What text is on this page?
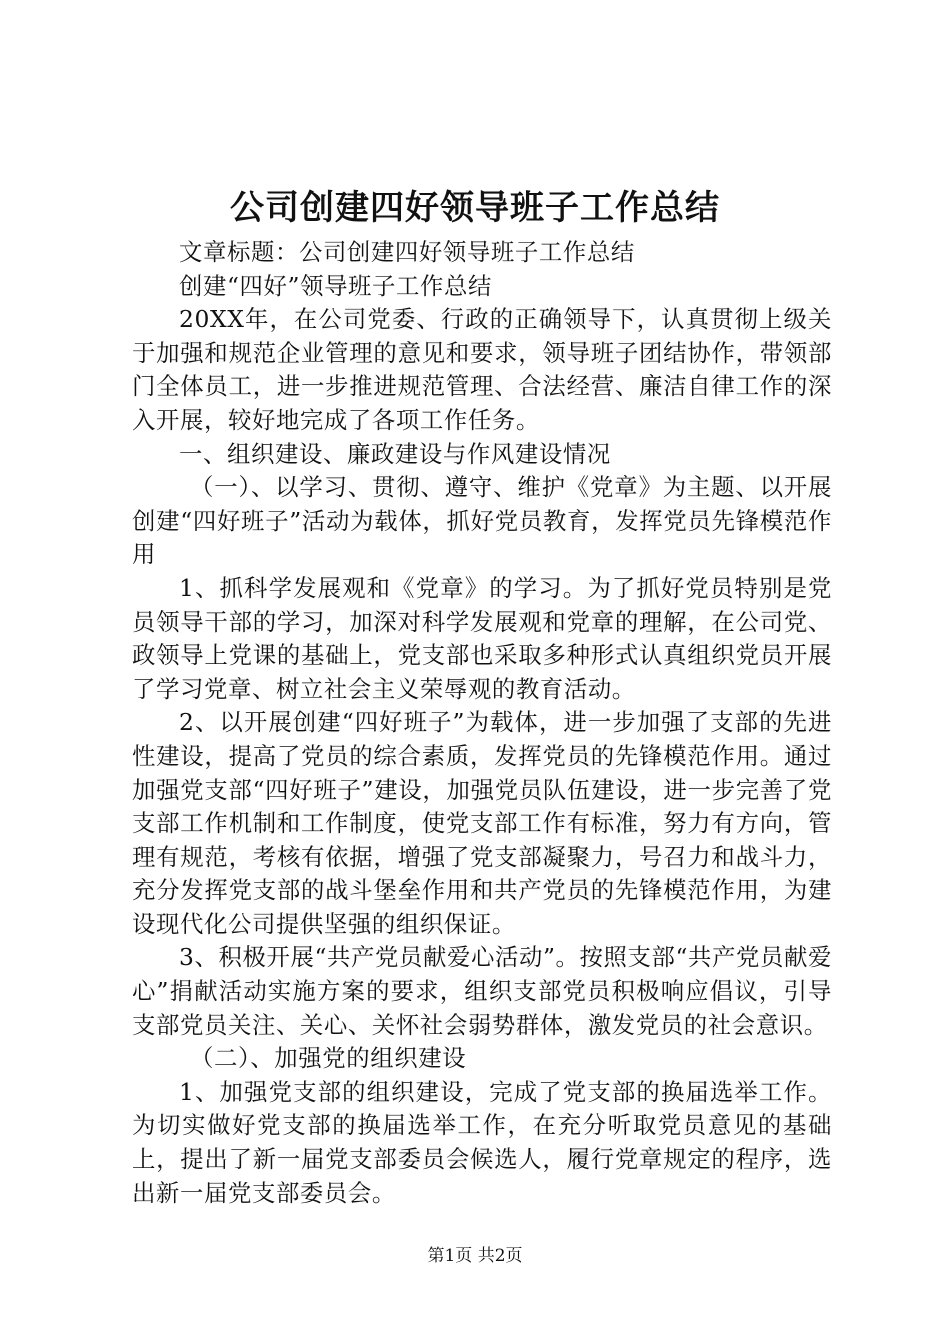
公司创建四好领导班子工作总结

文章标题：公司创建四好领导班子工作总结

创建“四好”领导班子工作总结

20XX年，在公司党委、行政的正确领导下，认真贯彻上级关于加强和规范企业管理的意见和要求，领导班子团结协作，带领部门全体员工，进一步推进规范管理、合法经营、廉洁自律工作的深入开展，较好地完成了各项工作任务。

一、组织建设、廉政建设与作风建设情况

（一）、以学习、贯彻、遵守、维护《党章》为主题、以开展创建“四好班子”活动为载体，抓好党员教育，发挥党员先锋模范作用

1、抓科学发展观和《党章》的学习。为了抓好党员特别是党员领导干部的学习，加深对科学发展观和党章的理解，在公司党、政领导上党课的基础上，党支部也采取多种形式认真组织党员开展了学习党章、树立社会主义荣辱观的教育活动。

2、以开展创建“四好班子”为载体，进一步加强了支部的先进性建设，提高了党员的综合素质，发挥党员的先锋模范作用。通过加强党支部“四好班子”建设，加强党员队伍建设，进一步完善了党支部工作机制和工作制度，使党支部工作有标准，努力有方向，管理有规范，考核有依据，增强了党支部凝聚力，号召力和战斗力，充分发挥党支部的战斗堡垒作用和共产党员的先锋模范作用，为建设现代化公司提供坚强的组织保证。

3、积极开展“共产党员献爱心活动”。按照支部“共产党员献爱心”捐献活动实施方案的要求，组织支部党员积极响应倡议，引导支部党员关注、关心、关怀社会弱势群体，激发党员的社会意识。

（二）、加强党的组织建设

1、加强党支部的组织建设，完成了党支部的换届选举工作。为切实做好党支部的换届选举工作，在充分听取党员意见的基础上，提出了新一届党支部委员会候选人，履行党章规定的程序，选出新一届党支部委员会。

第1页 共2页
